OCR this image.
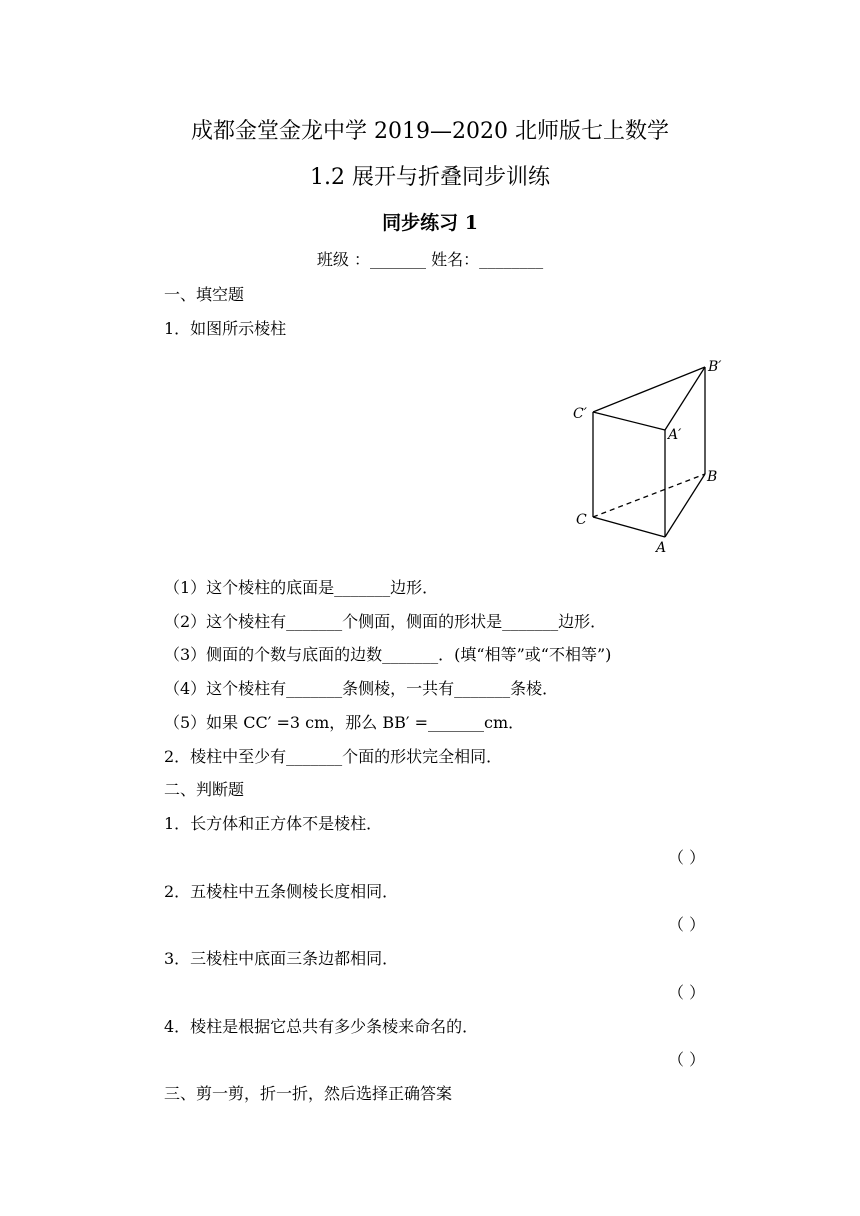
成都金堂金龙中学 2019—2020 北师版七上数学
1.2 展开与折叠同步训练
同步练习 1
班级 ：_______ 姓名：________
一、填空题
1．如图所示棱柱
B′
C′
A′
B
C
A
（1）这个棱柱的底面是_______边形．
（2）这个棱柱有_______个侧面，侧面的形状是_______边形．
（3）侧面的个数与底面的边数_______．(填“相等”或“不相等”)
（4）这个棱柱有_______条侧棱，一共有_______条棱．
（5）如果 CC′ =3 cm，那么 BB′ =_______cm．
2．棱柱中至少有_______个面的形状完全相同．
二、判断题
1．长方体和正方体不是棱柱．
（ ）
2．五棱柱中五条侧棱长度相同．
（ ）
3．三棱柱中底面三条边都相同．
（ ）
4．棱柱是根据它总共有多少条棱来命名的．
（ ）
三、剪一剪，折一折，然后选择正确答案
